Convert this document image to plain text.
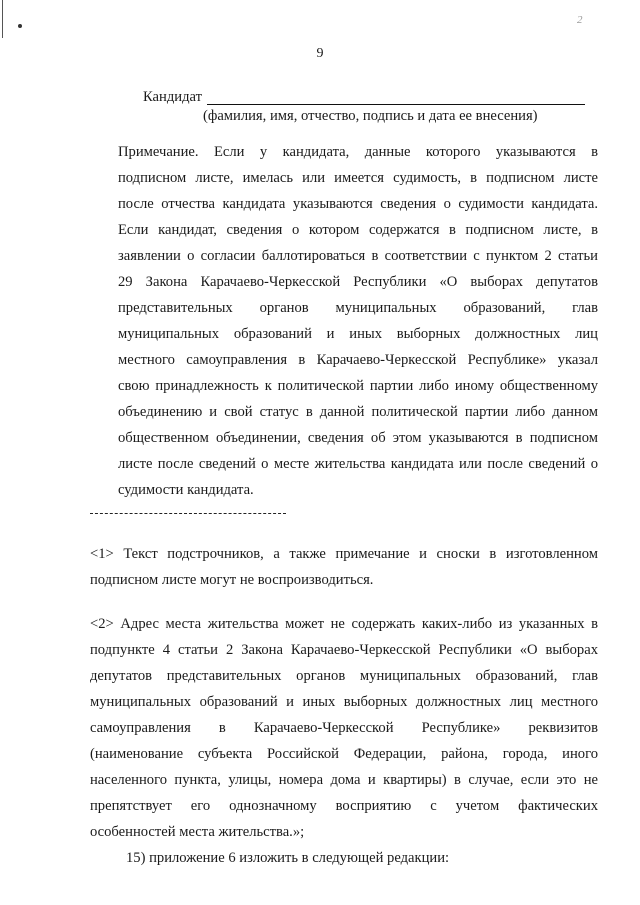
2
9
Кандидат
(фамилия, имя, отчество, подпись и дата ее внесения)
Примечание. Если у кандидата, данные которого указываются в
подписном листе, имелась или имеется судимость, в подписном листе
после отчества кандидата указываются сведения о судимости кандидата.
Если кандидат, сведения о котором содержатся в подписном листе, в
заявлении о согласии баллотироваться в соответствии с пунктом 2 статьи
29 Закона Карачаево-Черкесской Республики «О выборах депутатов
представительных органов муниципальных образований, глав
муниципальных образований и иных выборных должностных лиц
местного самоуправления в Карачаево-Черкесской Республике» указал
свою принадлежность к политической партии либо иному общественному
объединению и свой статус в данной политической партии либо данном
общественном объединении, сведения об этом указываются в подписном
листе после сведений о месте жительства кандидата или после сведений о
судимости кандидата.
<1> Текст подстрочников, а также примечание и сноски в изготовленном
подписном листе могут не воспроизводиться.
<2> Адрес места жительства может не содержать каких-либо из указанных в
подпункте 4 статьи 2 Закона Карачаево-Черкесской Республики «О выборах
депутатов представительных органов муниципальных образований, глав
муниципальных образований и иных выборных должностных лиц местного
самоуправления в Карачаево-Черкесской Республике» реквизитов
(наименование субъекта Российской Федерации, района, города, иного
населенного пункта, улицы, номера дома и квартиры) в случае, если это не
препятствует его однозначному восприятию с учетом фактических
особенностей места жительства.»;
15) приложение 6 изложить в следующей редакции:
